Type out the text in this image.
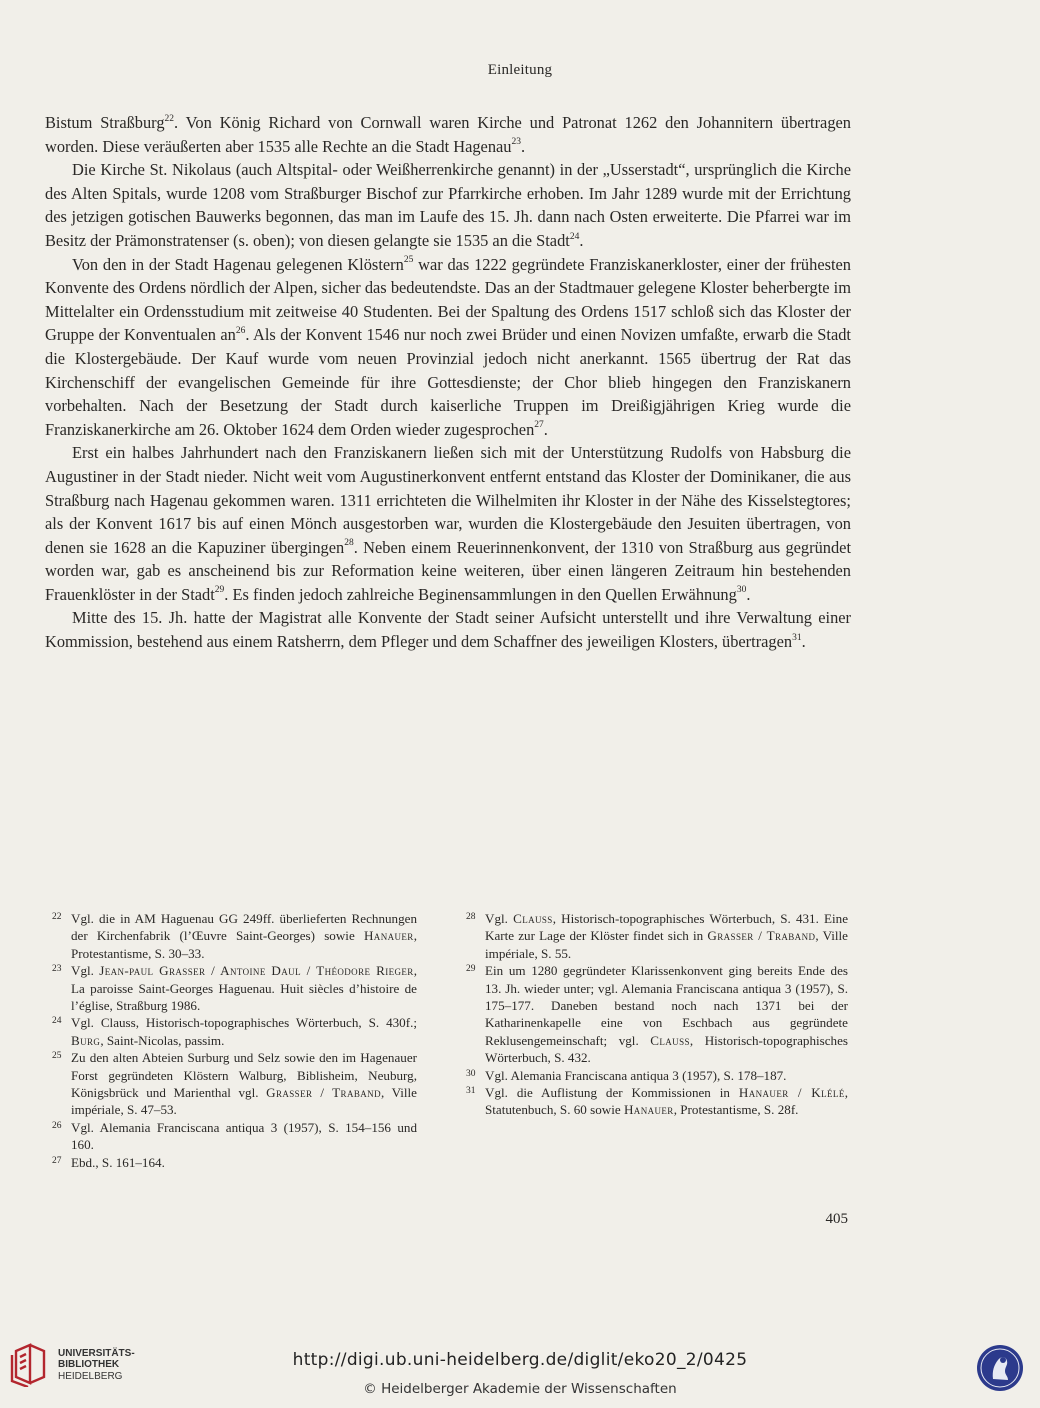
Einleitung

Bistum Straßburg$^{22}$. Von König Richard von Cornwall waren Kirche und Patronat 1262 den Johannitern übertragen worden. Diese veräußerten aber 1535 alle Rechte an die Stadt Hagenau$^{23}$.

Die Kirche St. Nikolaus (auch Altspital- oder Weißherrenkirche genannt) in der „Usserstadt“, ursprünglich die Kirche des Alten Spitals, wurde 1208 vom Straßburger Bischof zur Pfarrkirche erhoben. Im Jahr 1289 wurde mit der Errichtung des jetzigen gotischen Bauwerks begonnen, das man im Laufe des 15. Jh. dann nach Osten erweiterte. Die Pfarrei war im Besitz der Prämonstratenser (s. oben); von diesen gelangte sie 1535 an die Stadt$^{24}$.

Von den in der Stadt Hagenau gelegenen Klöstern$^{25}$ war das 1222 gegründete Franziskanerkloster, einer der frühesten Konvente des Ordens nördlich der Alpen, sicher das bedeutendste. Das an der Stadtmauer gelegene Kloster beherbergte im Mittelalter ein Ordensstudium mit zeitweise 40 Studenten. Bei der Spaltung des Ordens 1517 schloß sich das Kloster der Gruppe der Konventualen $an^{26}$. Als der Konvent 1546 nur noch zwei Brüder und einen Novizen umfaßte, erwarb die Stadt die Klostergebäude. Der Kauf wurde vom neuen Provinzial jedoch nicht anerkannt. 1565 übertrug der Rat das Kirchenschiff der evangelischen Gemeinde für ihre Gottesdienste; der Chor blieb hingegen den Franziskanern vorbehalten. Nach der Besetzung der Stadt durch kaiserliche Truppen im Dreißigjährigen Krieg wurde die Franziskanerkirche am 26. Oktober 1624 dem Orden wieder zugesprochen$^{27}$.

Erst ein halbes Jahrhundert nach den Franziskanern ließen sich mit der Unterstützung Rudolfs von Habsburg die Augustiner in der Stadt nieder. Nicht weit vom Augustinerkonvent entfernt entstand das Kloster der Dominikaner, die aus Straßburg nach Hagenau gekommen waren. 1311 errichteten die Wilhelmiten ihr Kloster in der Nähe des Kisselstegtores; als der Konvent 1617 bis auf einen Mönch ausgestorben war, wurden die Klostergebäude den Jesuiten übertragen, von denen sie 1628 an die Kapuziner übergingen$^{28}$. Neben einem Reuerinnenkonvent, der 1310 von Straßburg aus gegründet worden war, gab es anscheinend bis zur Reformation keine weiteren, über einen längeren Zeitraum hin bestehenden Frauenklöster in der Stadt$^{29}$. Es finden jedoch zahlreiche Beginensammlungen in den Quellen Erwähnung$^{30}$.

Mitte des 15. Jh. hatte der Magistrat alle Konvente der Stadt seiner Aufsicht unterstellt und ihre Verwaltung einer Kommission, bestehend aus einem Ratsherrn, dem Pfleger und dem Schaffner des jeweiligen Klosters, übertragen$^{31}$.

22 Vgl. die in AM Haguenau GG 249ff. überlieferten Rechnungen der Kirchenfabrik (l’Œuvre Saint-Georges) sowie Hanauer, Protestantisme, S. 30–33.
23 Vgl. Jean-paul Grasser / Antoine Daul / Théodore Rieger, La paroisse Saint-Georges Haguenau. Huit siècles d’histoire de l’église, Straßburg 1986.
24 Vgl. Clauss, Historisch-topographisches Wörterbuch, S. 430f.; Burg, Saint-Nicolas, passim.
25 Zu den alten Abteien Surburg und Selz sowie den im Hagenauer Forst gegründeten Klöstern Walburg, Biblisheim, Neuburg, Königsbrück und Marienthal vgl. Grasser / Traband, Ville impériale, S. 47–53.
26 Vgl. Alemania Franciscana antiqua 3 (1957), S. 154–156 und 160.
27 Ebd., S. 161–164.
28 Vgl. Clauss, Historisch-topographisches Wörterbuch, S. 431. Eine Karte zur Lage der Klöster findet sich in Grasser / Traband, Ville impériale, S. 55.
29 Ein um 1280 gegründeter Klarissenkonvent ging bereits Ende des 13. Jh. wieder unter; vgl. Alemania Franciscana antiqua 3 (1957), S. 175–177. Daneben bestand noch nach 1371 bei der Katharinenkapelle eine von Eschbach aus gegründete Reklusengemeinschaft; vgl. Clauss, Historisch-topographisches Wörterbuch, S. 432.
30 Vgl. Alemania Franciscana antiqua 3 (1957), S. 178–187.
31 Vgl. die Auflistung der Kommissionen in Hanauer / Klélé, Statutenbuch, S. 60 sowie Hanauer, Protestantisme, S. 28f.
405
UNIVERSITÄTS-
BIBLIOTHEK
HEIDELBERG
http://digi.ub.uni-heidelberg.de/diglit/eko20_2/0425
© Heidelberger Akademie der Wissenschaften
